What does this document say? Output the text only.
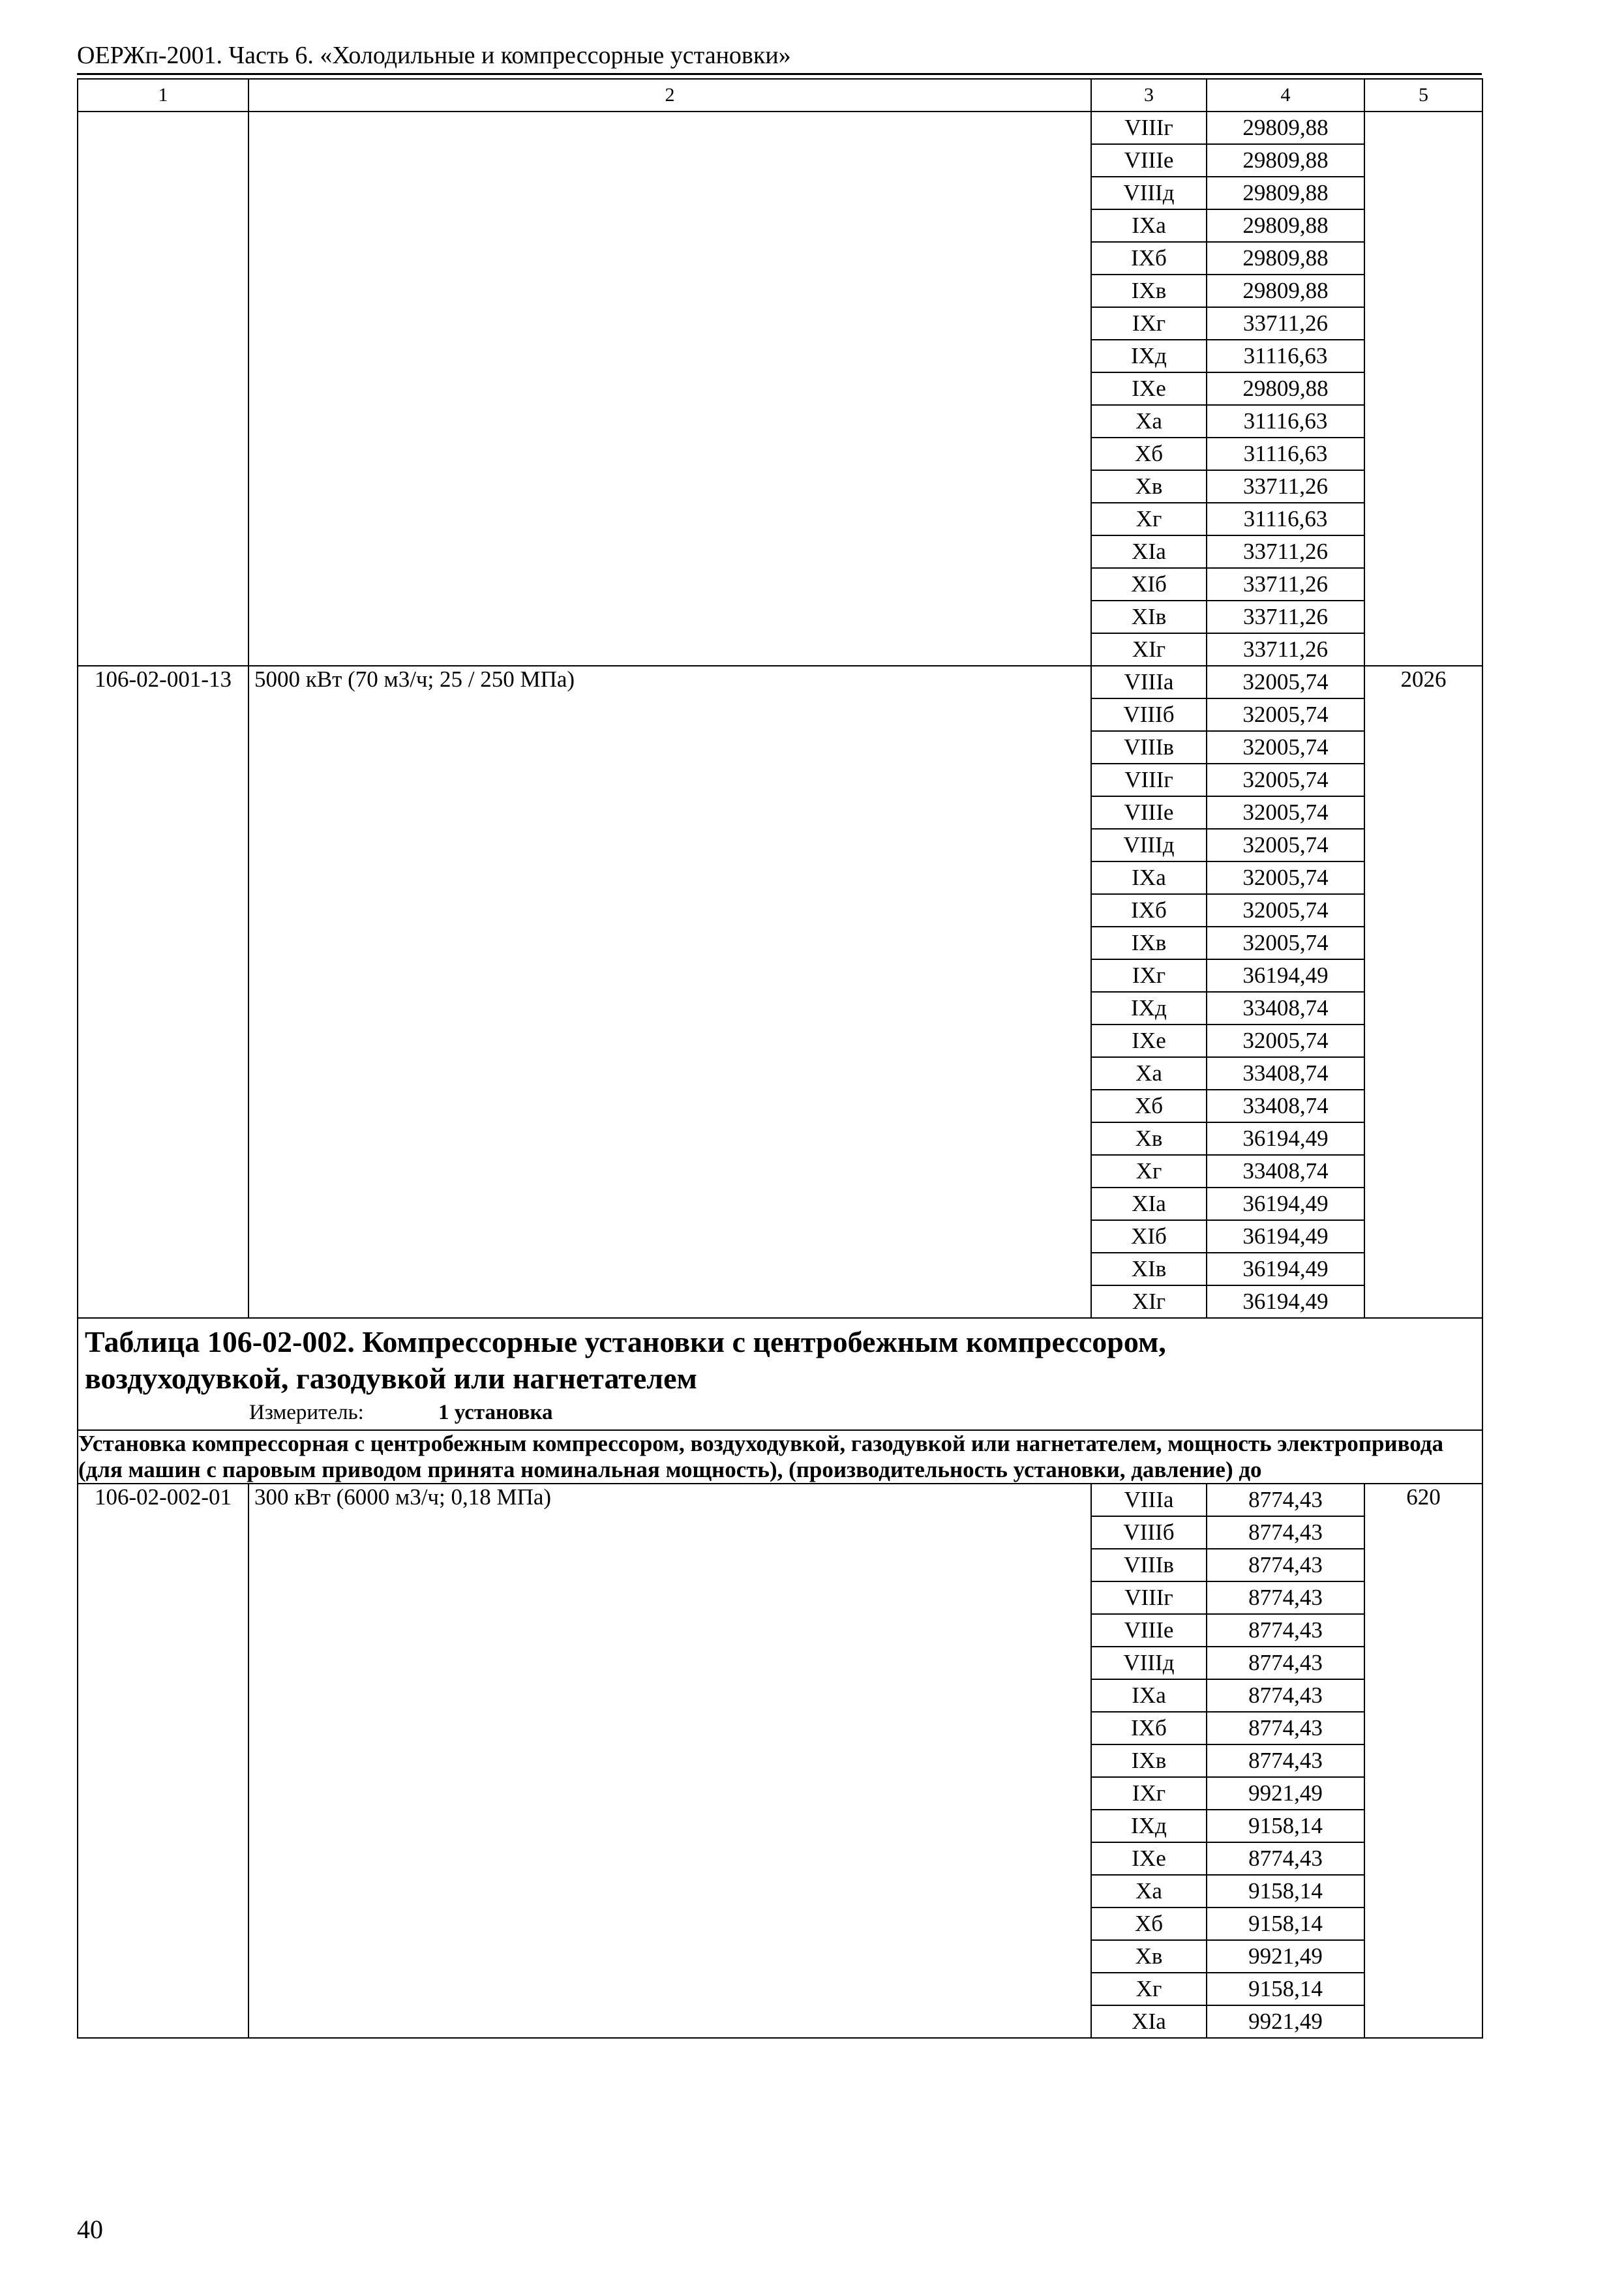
ОЕРЖп-2001. Часть 6. «Холодильные и компрессорные установки»
1	2	3	4	5
		VIIIг	29809,88	
		VIIIе	29809,88	
		VIIIд	29809,88	
		IXа	29809,88	
		IXб	29809,88	
		IXв	29809,88	
		IXг	33711,26	
		IXд	31116,63	
		IXе	29809,88	
		Xа	31116,63	
		Xб	31116,63	
		Xв	33711,26	
		Xг	31116,63	
		XIа	33711,26	
		XIб	33711,26	
		XIв	33711,26	
		XIг	33711,26	
106-02-001-13	5000 кВт (70 м3/ч; 25 / 250 МПа)	VIIIа	32005,74	2026
		VIIIб	32005,74	
		VIIIв	32005,74	
		VIIIг	32005,74	
		VIIIе	32005,74	
		VIIIд	32005,74	
		IXа	32005,74	
		IXб	32005,74	
		IXв	32005,74	
		IXг	36194,49	
		IXд	33408,74	
		IXе	32005,74	
		Xа	33408,74	
		Xб	33408,74	
		Xв	36194,49	
		Xг	33408,74	
		XIа	36194,49	
		XIб	36194,49	
		XIв	36194,49	
		XIг	36194,49	

Таблица 106-02-002. Компрессорные установки с центробежным компрессором,
воздуходувкой, газодувкой или нагнетателем
Измеритель: 1 установка				

Установка компрессорная с центробежным компрессором, воздуходувкой, газодувкой или нагнетателем, мощность электропривода (для машин с паровым приводом принята номинальная мощность), (производительность установки, давление) до				
106-02-002-01	300 кВт (6000 м3/ч; 0,18 МПа)	VIIIа	8774,43	620
		VIIIб	8774,43	
		VIIIв	8774,43	
		VIIIг	8774,43	
		VIIIе	8774,43	
		VIIIд	8774,43	
		IXа	8774,43	
		IXб	8774,43	
		IXв	8774,43	
		IXг	9921,49	
		IXд	9158,14	
		IXе	8774,43	
		Xа	9158,14	
		Xб	9158,14	
		Xв	9921,49	
		Xг	9158,14	
		XIа	9921,49	
40
